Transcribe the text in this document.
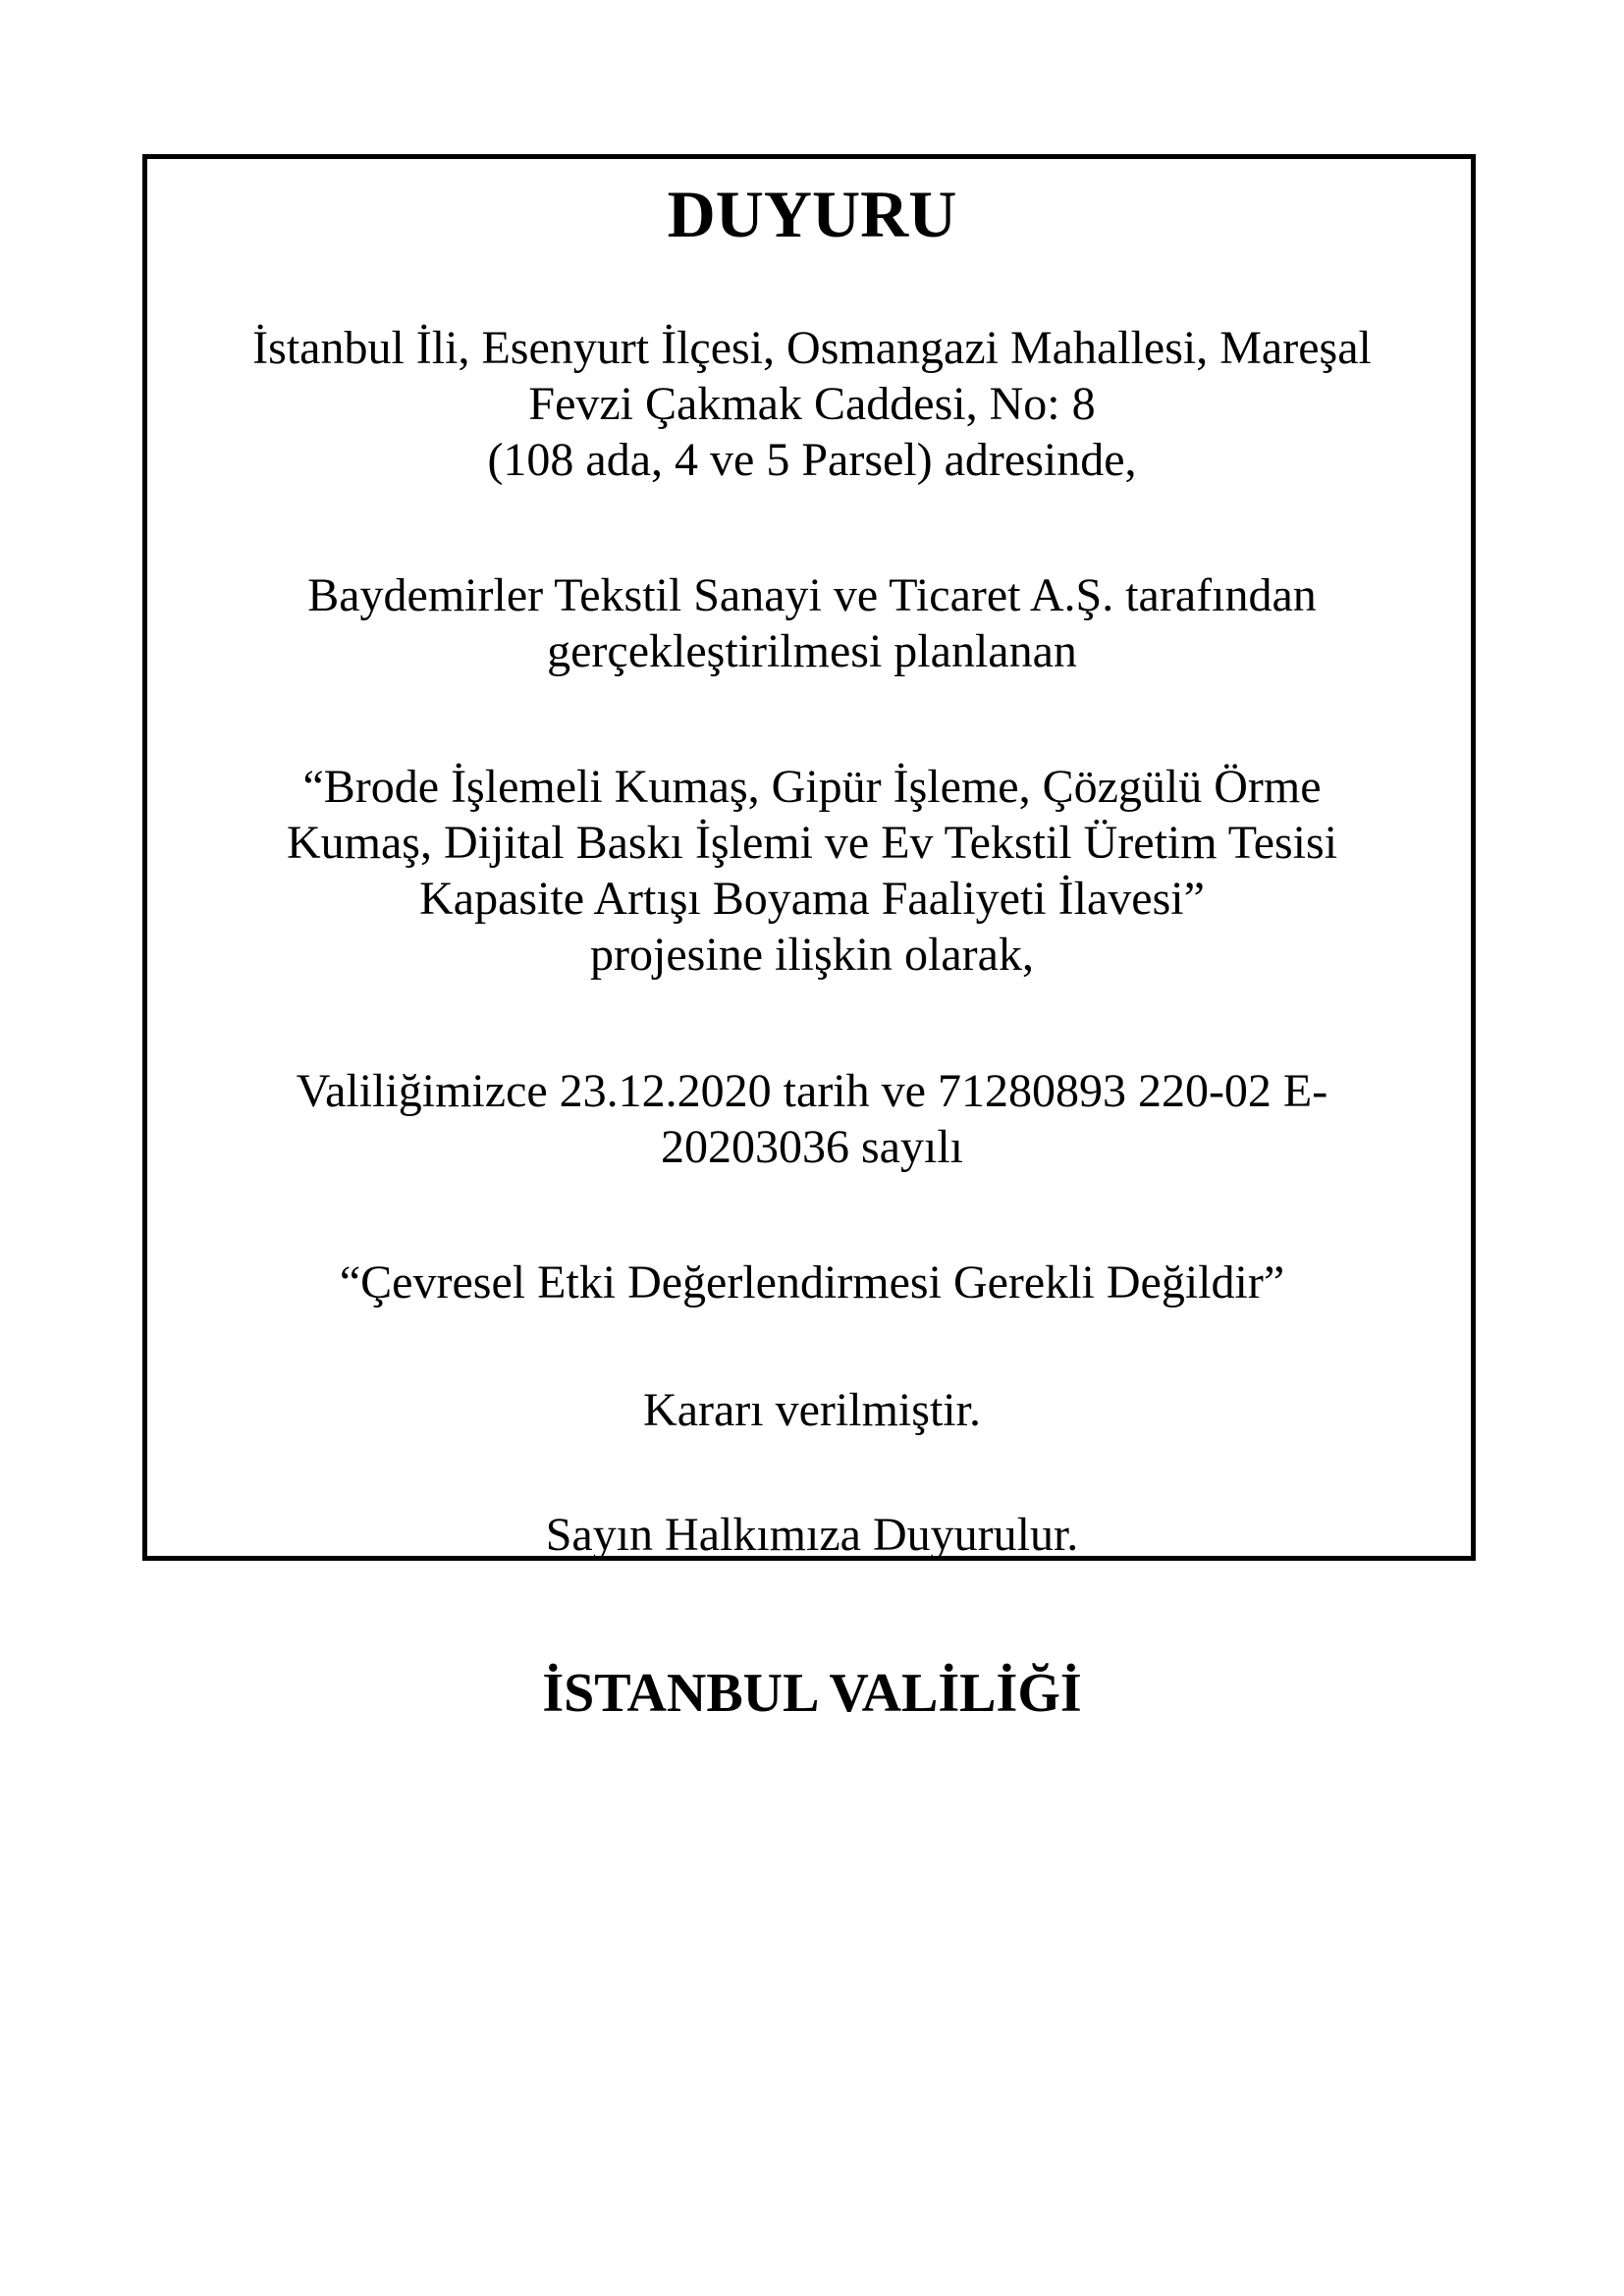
DUYURU

İstanbul İli, Esenyurt İlçesi, Osmangazi Mahallesi, Mareşal
Fevzi Çakmak Caddesi, No: 8
(108 ada, 4 ve 5 Parsel) adresinde,

Baydemirler Tekstil Sanayi ve Ticaret A.Ş. tarafından
gerçekleştirilmesi planlanan

“Brode İşlemeli Kumaş, Gipür İşleme, Çözgülü Örme
Kumaş, Dijital Baskı İşlemi ve Ev Tekstil Üretim Tesisi
Kapasite Artışı Boyama Faaliyeti İlavesi”
projesine ilişkin olarak,

Valiliğimizce 23.12.2020 tarih ve 71280893 220-02 E-
20203036 sayılı

“Çevresel Etki Değerlendirmesi Gerekli Değildir”

Kararı verilmiştir.

Sayın Halkımıza Duyurulur.

İSTANBUL VALİLİĞİ
